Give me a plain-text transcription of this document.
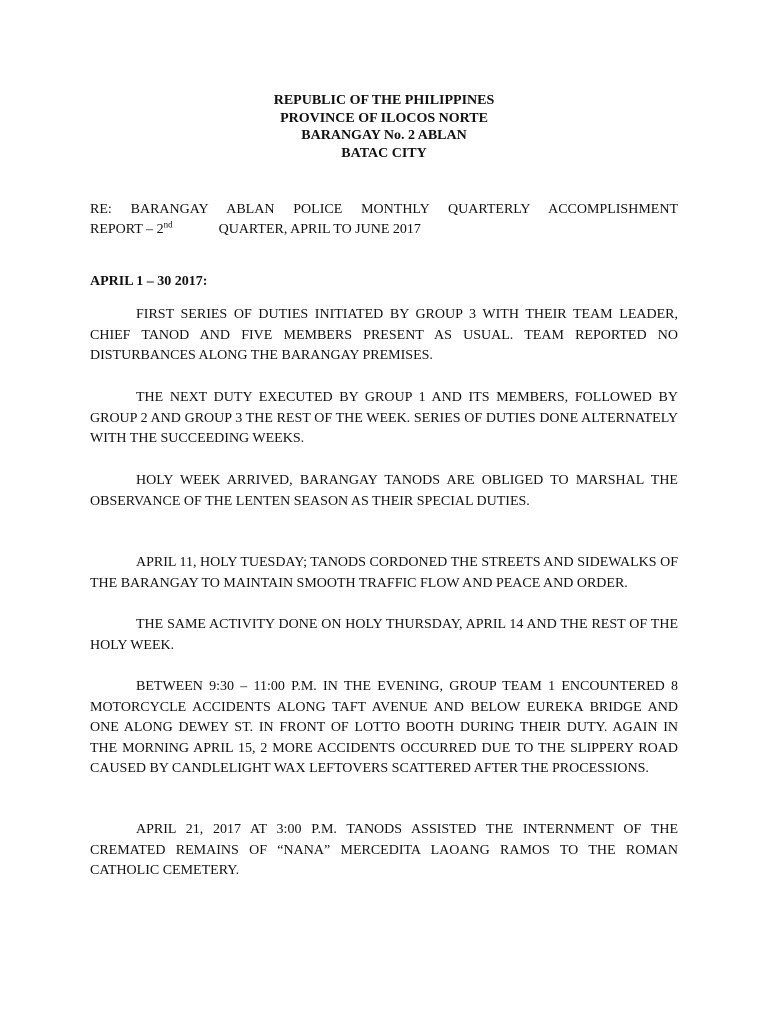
REPUBLIC OF THE PHILIPPINES
PROVINCE OF ILOCOS NORTE
BARANGAY No. 2 ABLAN
BATAC CITY
RE: BARANGAY ABLAN POLICE MONTHLY QUARTERLY ACCOMPLISHMENT
REPORT – 2nd	QUARTER, APRIL TO JUNE 2017
APRIL 1 – 30 2017:
FIRST SERIES OF DUTIES INITIATED BY GROUP 3 WITH THEIR TEAM LEADER, CHIEF TANOD AND FIVE MEMBERS PRESENT AS USUAL. TEAM REPORTED NO DISTURBANCES ALONG THE BARANGAY PREMISES.
THE NEXT DUTY EXECUTED BY GROUP 1 AND ITS MEMBERS, FOLLOWED BY GROUP 2 AND GROUP 3 THE REST OF THE WEEK. SERIES OF DUTIES DONE ALTERNATELY WITH THE SUCCEEDING WEEKS.
HOLY WEEK ARRIVED, BARANGAY TANODS ARE OBLIGED TO MARSHAL THE OBSERVANCE OF THE LENTEN SEASON AS THEIR SPECIAL DUTIES.
APRIL 11, HOLY TUESDAY; TANODS CORDONED THE STREETS AND SIDEWALKS OF THE BARANGAY TO MAINTAIN SMOOTH TRAFFIC FLOW AND PEACE AND ORDER.
THE SAME ACTIVITY DONE ON HOLY THURSDAY, APRIL 14 AND THE REST OF THE HOLY WEEK.
BETWEEN 9:30 – 11:00 P.M. IN THE EVENING, GROUP TEAM 1 ENCOUNTERED 8 MOTORCYCLE ACCIDENTS ALONG TAFT AVENUE AND BELOW EUREKA BRIDGE AND ONE ALONG DEWEY ST. IN FRONT OF LOTTO BOOTH DURING THEIR DUTY. AGAIN IN THE MORNING APRIL 15, 2 MORE ACCIDENTS OCCURRED DUE TO THE SLIPPERY ROAD CAUSED BY CANDLELIGHT WAX LEFTOVERS SCATTERED AFTER THE PROCESSIONS.
APRIL 21, 2017 AT 3:00 P.M. TANODS ASSISTED THE INTERNMENT OF THE CREMATED REMAINS OF “NANA” MERCEDITA LAOANG RAMOS TO THE ROMAN CATHOLIC CEMETERY.
